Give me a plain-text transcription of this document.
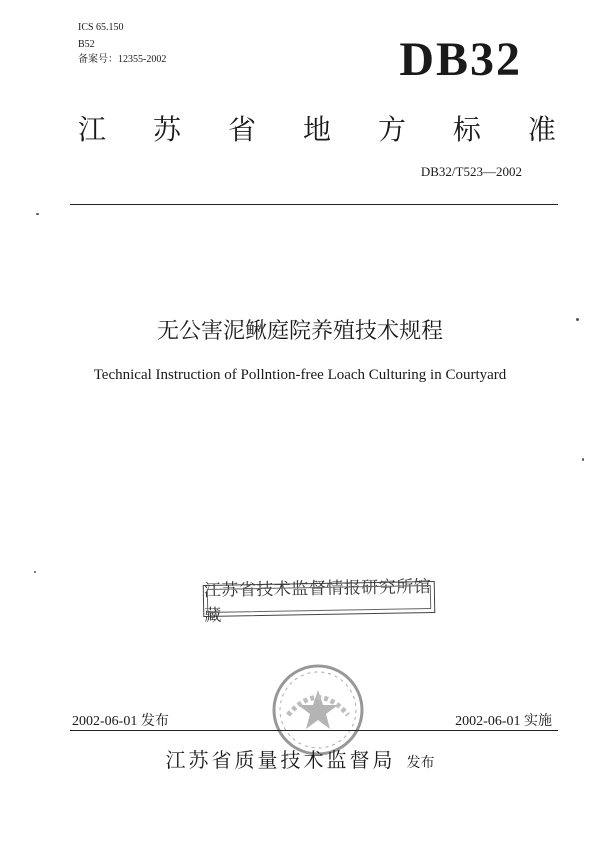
ICS 65.150
B52
备案号：12355-2002	DB32
江 苏 省 地 方 标 准
DB32/T523—2002
无公害泥鳅庭院养殖技术规程
Technical Instruction of Pollntion-free Loach Culturing in Courtyard
江苏省技术监督情报研究所馆藏
2002-06-01 发布	2002-06-01 实施
江苏省质量技术监督局 发布
